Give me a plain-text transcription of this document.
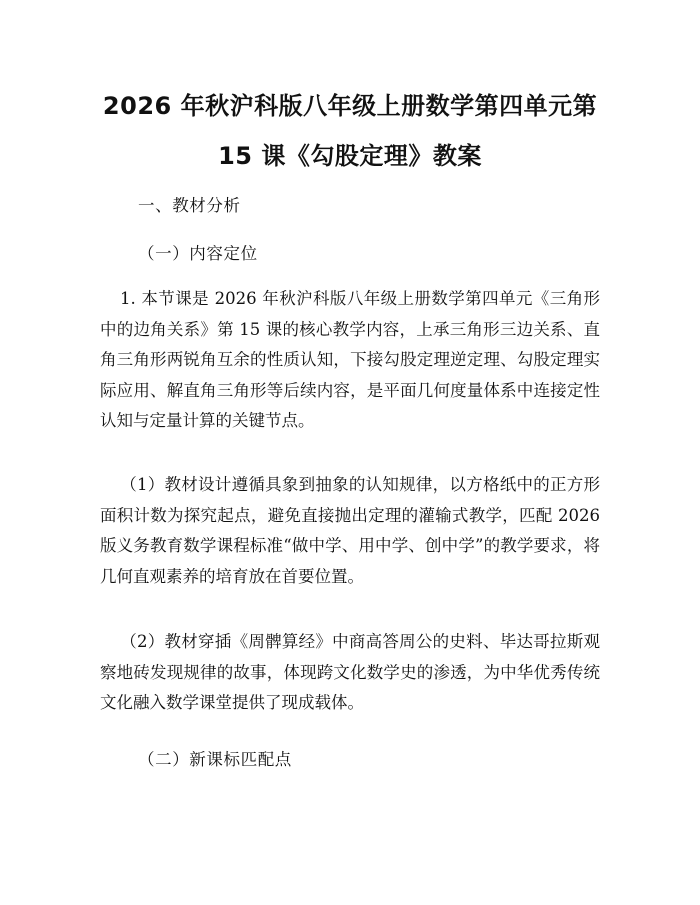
2026 年秋沪科版八年级上册数学第四单元第
15 课《勾股定理》教案
一、教材分析
（一）内容定位
1. 本节课是 2026 年秋沪科版八年级上册数学第四单元《三角形中的边角关系》第 15 课的核心教学内容，上承三角形三边关系、直角三角形两锐角互余的性质认知，下接勾股定理逆定理、勾股定理实际应用、解直角三角形等后续内容，是平面几何度量体系中连接定性认知与定量计算的关键节点。
（1）教材设计遵循具象到抽象的认知规律，以方格纸中的正方形面积计数为探究起点，避免直接抛出定理的灌输式教学，匹配 2026 版义务教育数学课程标准“做中学、用中学、创中学”的教学要求，将几何直观素养的培育放在首要位置。
（2）教材穿插《周髀算经》中商高答周公的史料、毕达哥拉斯观察地砖发现规律的故事，体现跨文化数学史的渗透，为中华优秀传统文化融入数学课堂提供了现成载体。
（二）新课标匹配点
